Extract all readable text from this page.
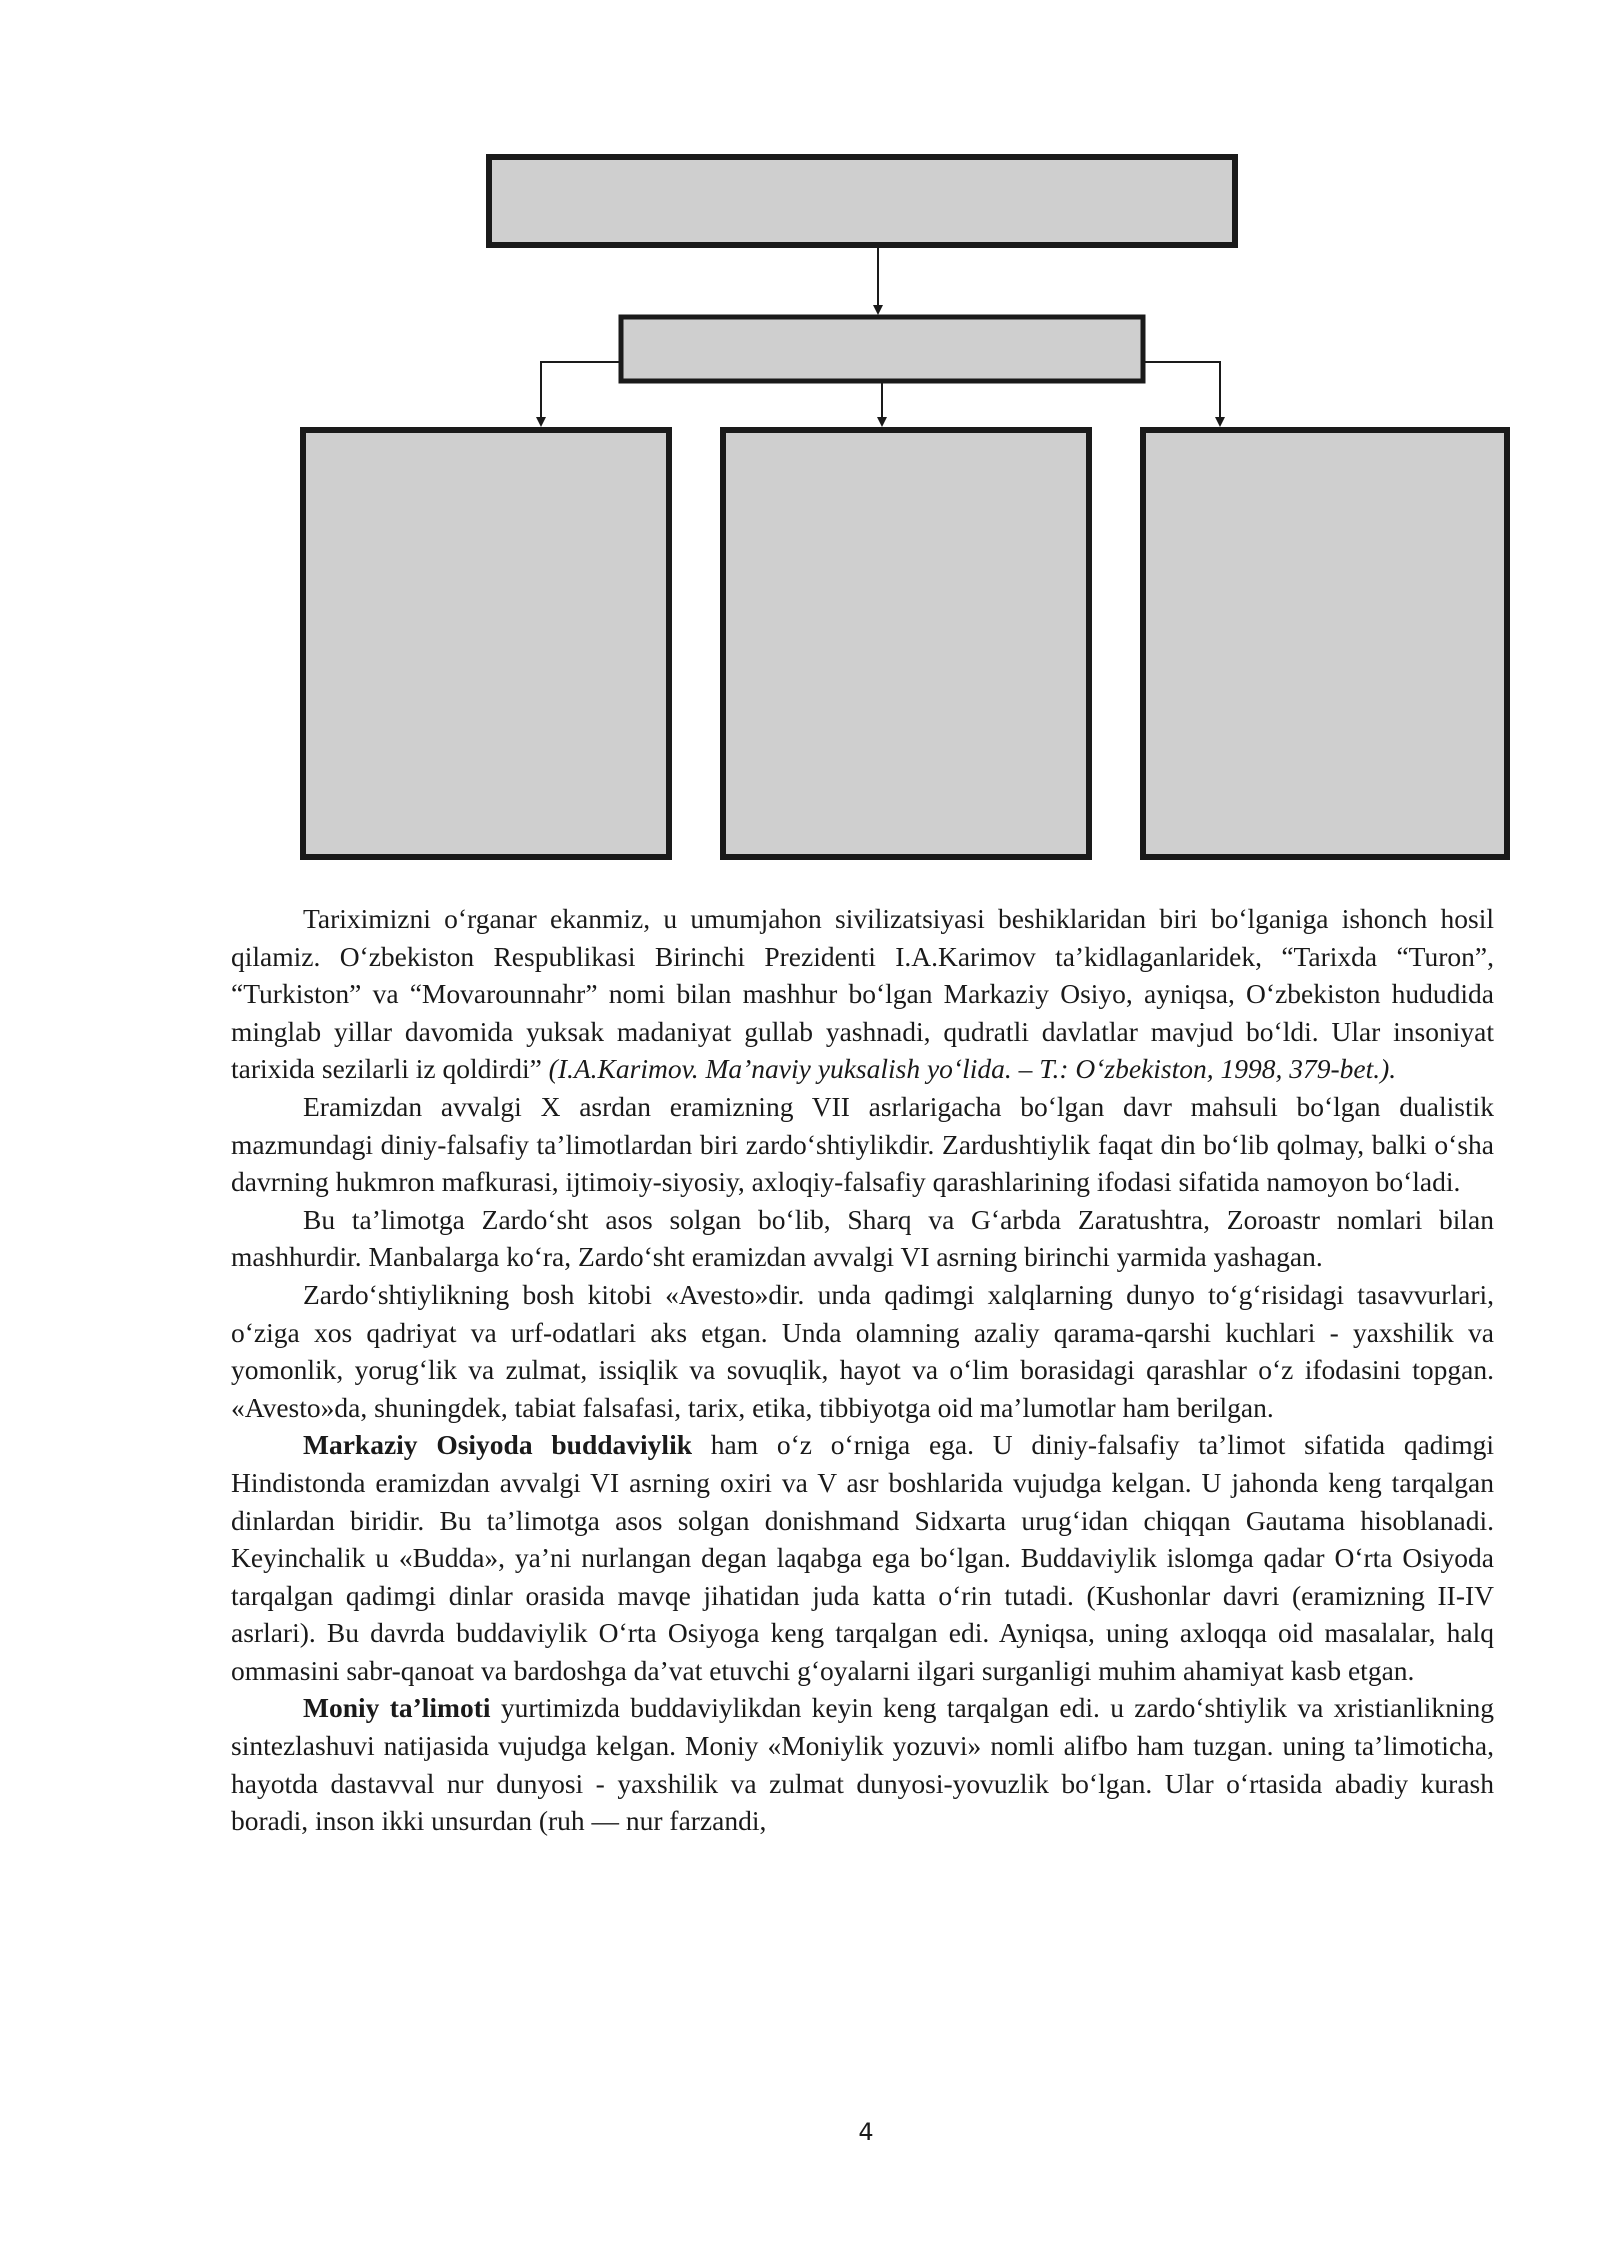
Tariximizni o‘rganar ekanmiz, u umumjahon sivilizatsiyasi beshiklaridan biri bo‘lganiga ishonch hosil qilamiz. O‘zbekiston Respublikasi Birinchi Prezidenti I.A.Karimov ta’kidlaganlaridek, “Tarixda “Turon”, “Turkiston” va “Movarounnahr” nomi bilan mashhur bo‘lgan Markaziy Osiyo, ayniqsa, O‘zbekiston hududida minglab yillar davomida yuksak madaniyat gullab yashnadi, qudratli davlatlar mavjud bo‘ldi. Ular insoniyat tarixida sezilarli iz qoldirdi” (I.A.Karimov. Ma’naviy yuksalish yo‘lida. – T.: O‘zbekiston, 1998, 379-bet.).

Eramizdan avvalgi X asrdan eramizning VII asrlarigacha bo‘lgan davr mahsuli bo‘lgan dualistik mazmundagi diniy-falsafiy ta’limotlardan biri zardo‘shtiylikdir. Zardushtiylik faqat din bo‘lib qolmay, balki o‘sha davrning hukmron mafkurasi, ijtimoiy-siyosiy, axloqiy-falsafiy qarashlarining ifodasi sifatida namoyon bo‘ladi.

Bu ta’limotga Zardo‘sht asos solgan bo‘lib, Sharq va G‘arbda Zaratushtra, Zoroastr nomlari bilan mashhurdir. Manbalarga ko‘ra, Zardo‘sht eramizdan avvalgi VI asrning birinchi yarmida yashagan.

Zardo‘shtiylikning bosh kitobi «Avesto»dir. unda qadimgi xalqlarning dunyo to‘g‘risidagi tasavvurlari, o‘ziga xos qadriyat va urf-odatlari aks etgan. Unda olamning azaliy qarama-qarshi kuchlari - yaxshilik va yomonlik, yorug‘lik va zulmat, issiqlik va sovuqlik, hayot va o‘lim borasidagi qarashlar o‘z ifodasini topgan. «Avesto»da, shuningdek, tabiat falsafasi, tarix, etika, tibbiyotga oid ma’lumotlar ham berilgan.

Markaziy Osiyoda buddaviylik ham o‘z o‘rniga ega. U diniy-falsafiy ta’limot sifatida qadimgi Hindistonda eramizdan avvalgi VI asrning oxiri va V asr boshlarida vujudga kelgan. U jahonda keng tarqalgan dinlardan biridir. Bu ta’limotga asos solgan donishmand Sidxarta urug‘idan chiqqan Gautama hisoblanadi. Keyinchalik u «Budda», ya’ni nurlangan degan laqabga ega bo‘lgan. Buddaviylik islomga qadar O‘rta Osiyoda tarqalgan qadimgi dinlar orasida mavqe jihatidan juda katta o‘rin tutadi. (Kushonlar davri (eramizning II-IV asrlari). Bu davrda buddaviylik O‘rta Osiyoga keng tarqalgan edi. Ayniqsa, uning axloqqa oid masalalar, halq ommasini sabr-qanoat va bardoshga da’vat etuvchi g‘oyalarni ilgari surganligi muhim ahamiyat kasb etgan.

Moniy ta’limoti yurtimizda buddaviylikdan keyin keng tarqalgan edi. u zardo‘shtiylik va xristianlikning sintezlashuvi natijasida vujudga kelgan. Moniy «Moniylik yozuvi» nomli alifbo ham tuzgan. uning ta’limoticha, hayotda dastavval nur dunyosi - yaxshilik va zulmat dunyosi-yovuzlik bo‘lgan. Ular o‘rtasida abadiy kurash boradi, inson ikki unsurdan (ruh — nur farzandi,

4
